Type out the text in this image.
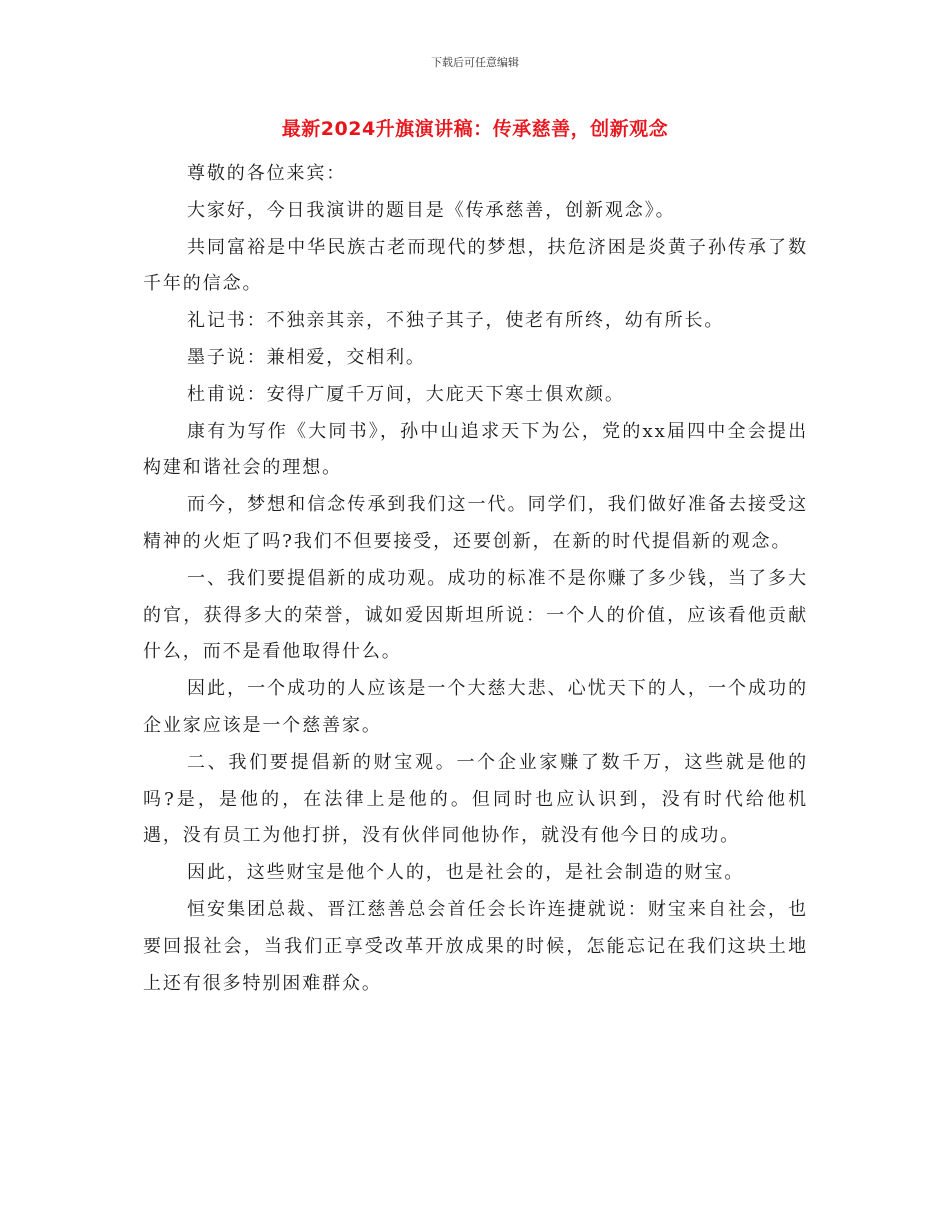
下载后可任意编辑
最新2024升旗演讲稿：传承慈善，创新观念

尊敬的各位来宾：

大家好，今日我演讲的题目是《传承慈善，创新观念》。

共同富裕是中华民族古老而现代的梦想，扶危济困是炎黄子孙传承了数千年的信念。

礼记书：不独亲其亲，不独子其子，使老有所终，幼有所长。

墨子说：兼相爱，交相利。

杜甫说：安得广厦千万间，大庇天下寒士俱欢颜。

康有为写作《大同书》，孙中山追求天下为公，党的xx届四中全会提出构建和谐社会的理想。

而今，梦想和信念传承到我们这一代。同学们，我们做好准备去接受这精神的火炬了吗?我们不但要接受，还要创新，在新的时代提倡新的观念。

一、我们要提倡新的成功观。成功的标准不是你赚了多少钱，当了多大的官，获得多大的荣誉，诚如爱因斯坦所说：一个人的价值，应该看他贡献什么，而不是看他取得什么。

因此，一个成功的人应该是一个大慈大悲、心忧天下的人，一个成功的企业家应该是一个慈善家。

二、我们要提倡新的财宝观。一个企业家赚了数千万，这些就是他的吗?是，是他的，在法律上是他的。但同时也应认识到，没有时代给他机遇，没有员工为他打拼，没有伙伴同他协作，就没有他今日的成功。

因此，这些财宝是他个人的，也是社会的，是社会制造的财宝。

恒安集团总裁、晋江慈善总会首任会长许连捷就说：财宝来自社会，也要回报社会，当我们正享受改革开放成果的时候，怎能忘记在我们这块土地上还有很多特别困难群众。
